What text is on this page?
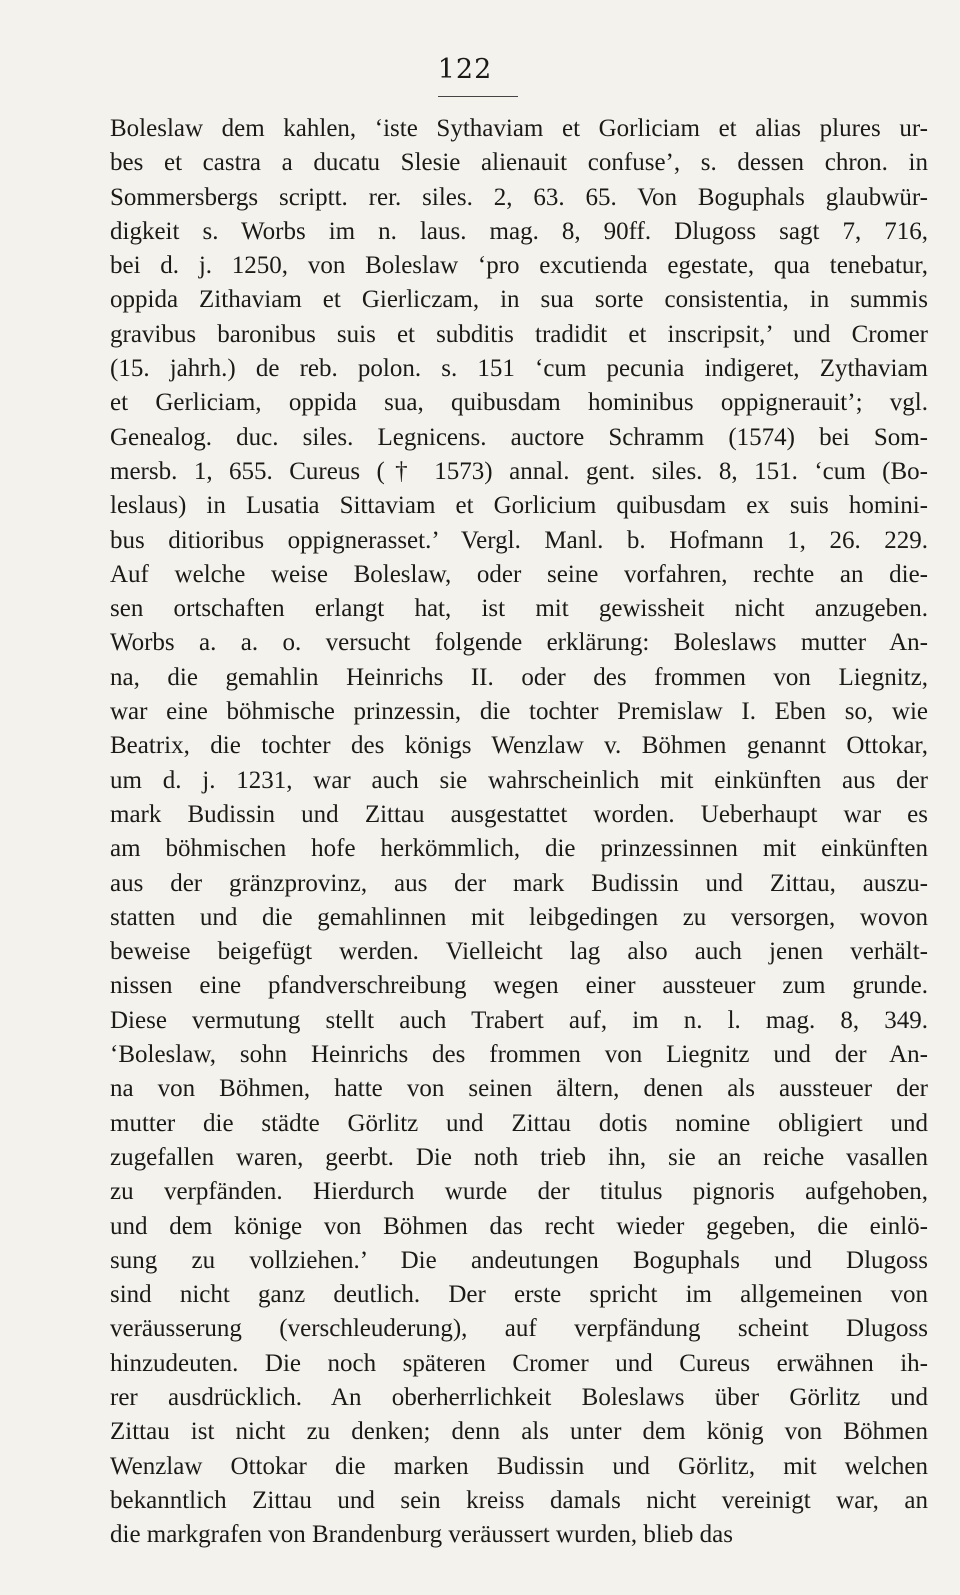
122
Boleslaw dem kahlen, ‘iste Sythaviam et Gorliciam et alias plures ur-
bes et castra a ducatu Slesie alienauit confuse’, s. dessen chron. in
Sommersbergs scriptt. rer. siles. 2, 63. 65. Von Boguphals glaubwür-
digkeit s. Worbs im n. laus. mag. 8, 90ff. Dlugoss sagt 7, 716,
bei d. j. 1250, von Boleslaw ‘pro excutienda egestate, qua tenebatur,
oppida Zithaviam et Gierliczam, in sua sorte consistentia, in summis
gravibus baronibus suis et subditis tradidit et inscripsit,’ und Cromer
(15. jahrh.) de reb. polon. s. 151 ‘cum pecunia indigeret, Zythaviam
et Gerliciam, oppida sua, quibusdam hominibus oppignerauit’; vgl.
Genealog. duc. siles. Legnicens. auctore Schramm (1574) bei Som-
mersb. 1, 655. Cureus († 1573) annal. gent. siles. 8, 151. ‘cum (Bo-
leslaus) in Lusatia Sittaviam et Gorlicium quibusdam ex suis homini-
bus ditioribus oppignerasset.’ Vergl. Manl. b. Hofmann 1, 26. 229.
Auf welche weise Boleslaw, oder seine vorfahren, rechte an die-
sen ortschaften erlangt hat, ist mit gewissheit nicht anzugeben.
Worbs a. a. o. versucht folgende erklärung: Boleslaws mutter An-
na, die gemahlin Heinrichs II. oder des frommen von Liegnitz,
war eine böhmische prinzessin, die tochter Premislaw I. Eben so, wie
Beatrix, die tochter des königs Wenzlaw v. Böhmen genannt Ottokar,
um d. j. 1231, war auch sie wahrscheinlich mit einkünften aus der
mark Budissin und Zittau ausgestattet worden. Ueberhaupt war es
am böhmischen hofe herkömmlich, die prinzessinnen mit einkünften
aus der gränzprovinz, aus der mark Budissin und Zittau, auszu-
statten und die gemahlinnen mit leibgedingen zu versorgen, wovon
beweise beigefügt werden. Vielleicht lag also auch jenen verhält-
nissen eine pfandverschreibung wegen einer aussteuer zum grunde.
Diese vermutung stellt auch Trabert auf, im n. l. mag. 8, 349.
‘Boleslaw, sohn Heinrichs des frommen von Liegnitz und der An-
na von Böhmen, hatte von seinen ältern, denen als aussteuer der
mutter die städte Görlitz und Zittau dotis nomine obligiert und
zugefallen waren, geerbt. Die noth trieb ihn, sie an reiche vasallen
zu verpfänden. Hierdurch wurde der titulus pignoris aufgehoben,
und dem könige von Böhmen das recht wieder gegeben, die einlö-
sung zu vollziehen.’ Die andeutungen Boguphals und Dlugoss
sind nicht ganz deutlich. Der erste spricht im allgemeinen von
veräusserung (verschleuderung), auf verpfändung scheint Dlugoss
hinzudeuten. Die noch späteren Cromer und Cureus erwähnen ih-
rer ausdrücklich. An oberherrlichkeit Boleslaws über Görlitz und
Zittau ist nicht zu denken; denn als unter dem könig von Böhmen
Wenzlaw Ottokar die marken Budissin und Görlitz, mit welchen
bekanntlich Zittau und sein kreiss damals nicht vereinigt war, an
die markgrafen von Brandenburg veräussert wurden, blieb das
